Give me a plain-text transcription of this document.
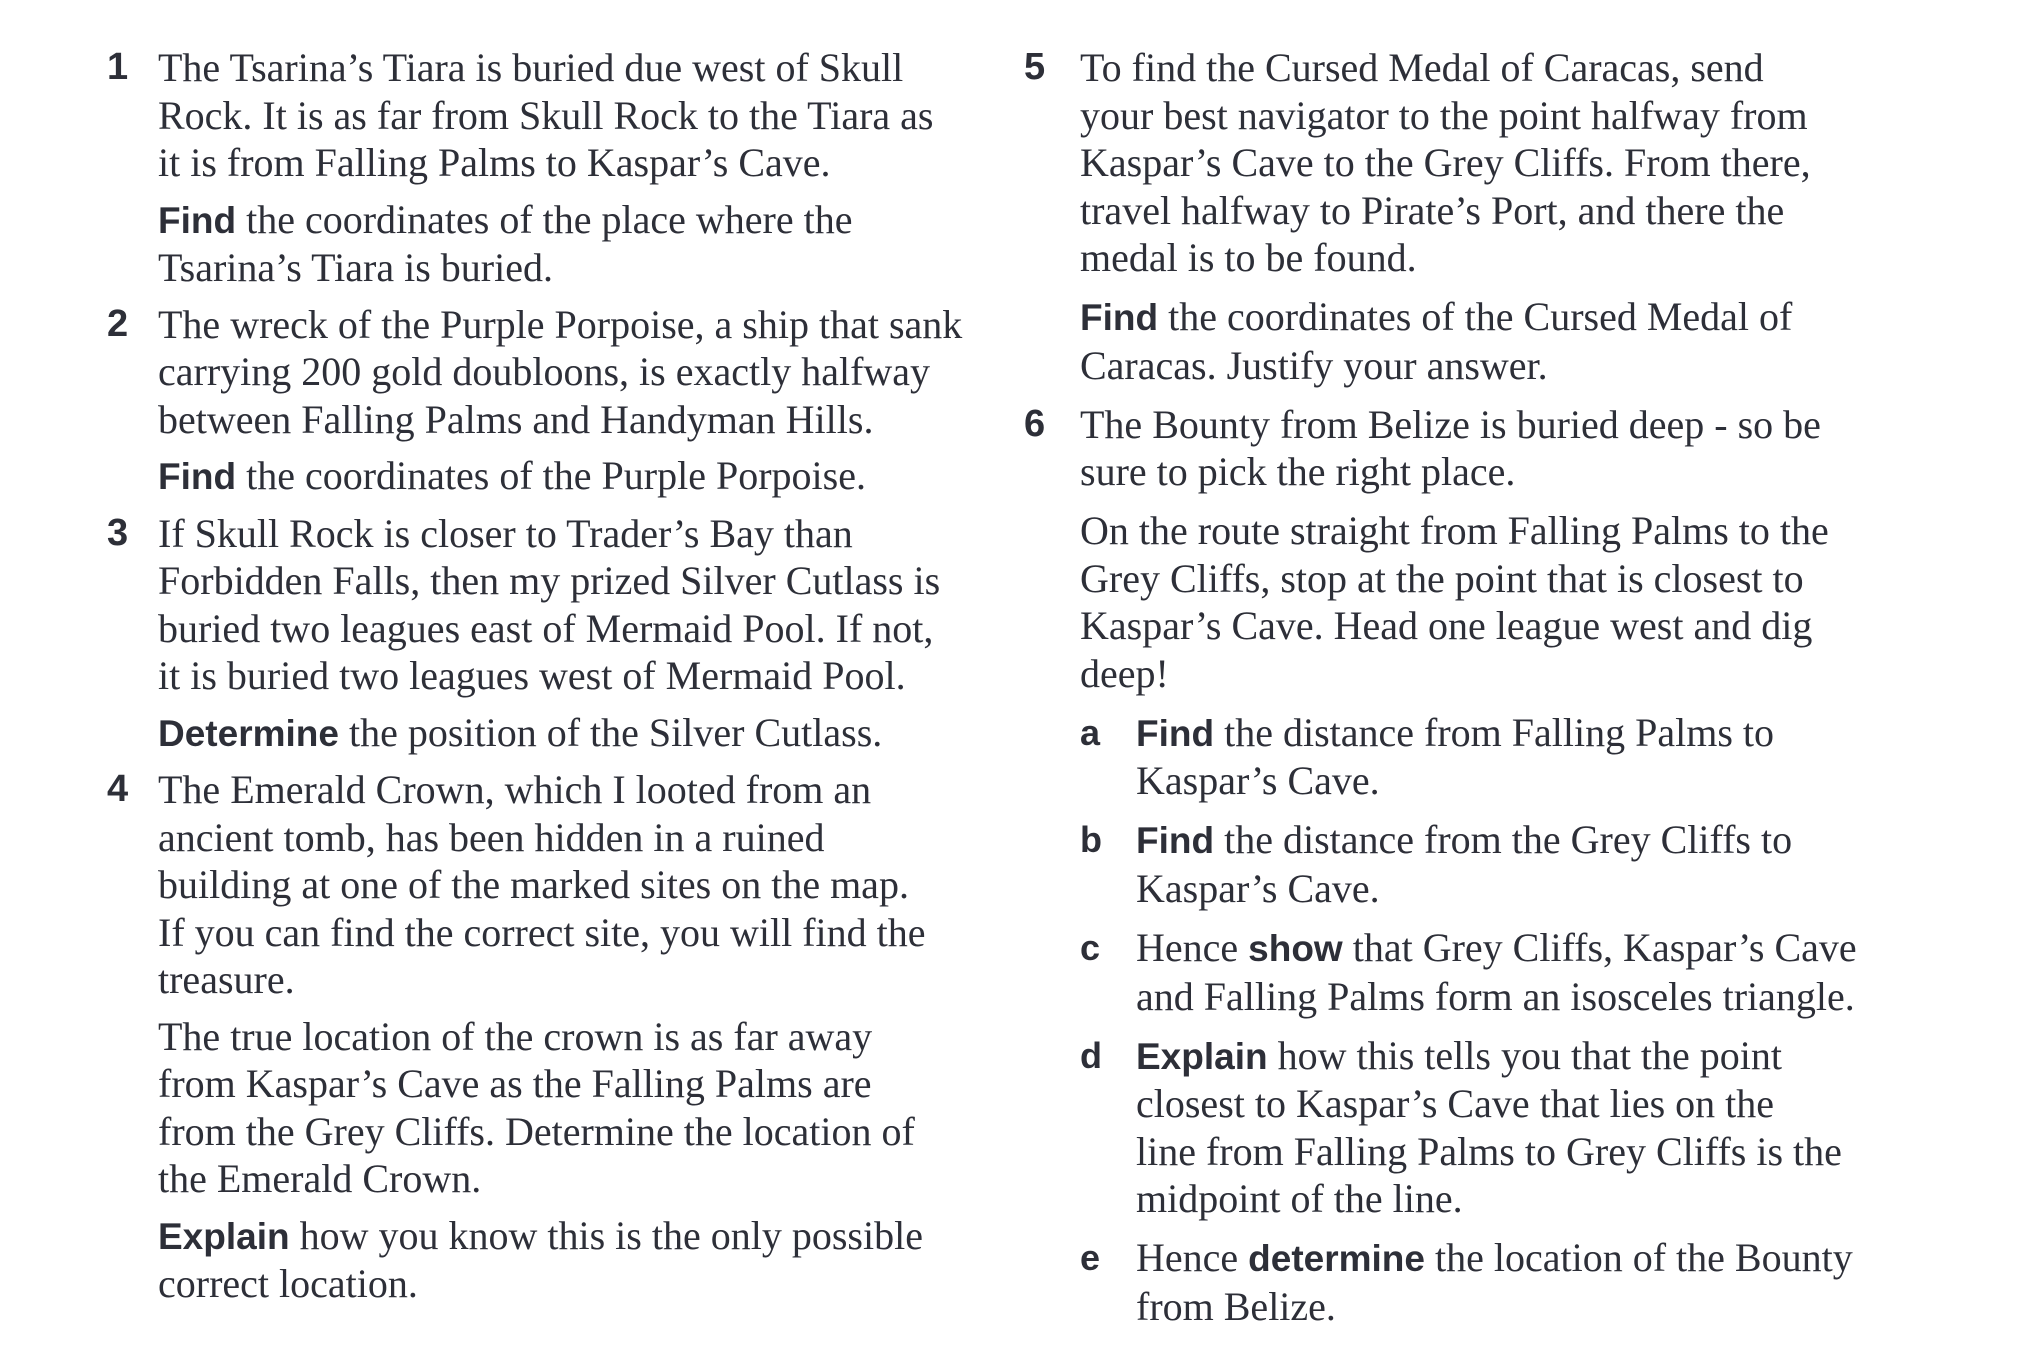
1 The Tsarina’s Tiara is buried due west of Skull
Rock. It is as far from Skull Rock to the Tiara as
it is from Falling Palms to Kaspar’s Cave.
Find the coordinates of the place where the
Tsarina’s Tiara is buried.
2 The wreck of the Purple Porpoise, a ship that sank
carrying 200 gold doubloons, is exactly halfway
between Falling Palms and Handyman Hills.
Find the coordinates of the Purple Porpoise.
3 If Skull Rock is closer to Trader’s Bay than
Forbidden Falls, then my prized Silver Cutlass is
buried two leagues east of Mermaid Pool. If not,
it is buried two leagues west of Mermaid Pool.
Determine the position of the Silver Cutlass.
4 The Emerald Crown, which I looted from an
ancient tomb, has been hidden in a ruined
building at one of the marked sites on the map.
If you can find the correct site, you will find the
treasure.
The true location of the crown is as far away
from Kaspar’s Cave as the Falling Palms are
from the Grey Cliffs. Determine the location of
the Emerald Crown.
Explain how you know this is the only possible
correct location.
5 To find the Cursed Medal of Caracas, send
your best navigator to the point halfway from
Kaspar’s Cave to the Grey Cliffs. From there,
travel halfway to Pirate’s Port, and there the
medal is to be found.
Find the coordinates of the Cursed Medal of
Caracas. Justify your answer.
6 The Bounty from Belize is buried deep - so be
sure to pick the right place.
On the route straight from Falling Palms to the
Grey Cliffs, stop at the point that is closest to
Kaspar’s Cave. Head one league west and dig
deep!
a Find the distance from Falling Palms to
Kaspar’s Cave.
b Find the distance from the Grey Cliffs to
Kaspar’s Cave.
c Hence show that Grey Cliffs, Kaspar’s Cave
and Falling Palms form an isosceles triangle.
d Explain how this tells you that the point
closest to Kaspar’s Cave that lies on the
line from Falling Palms to Grey Cliffs is the
midpoint of the line.
e Hence determine the location of the Bounty
from Belize.
